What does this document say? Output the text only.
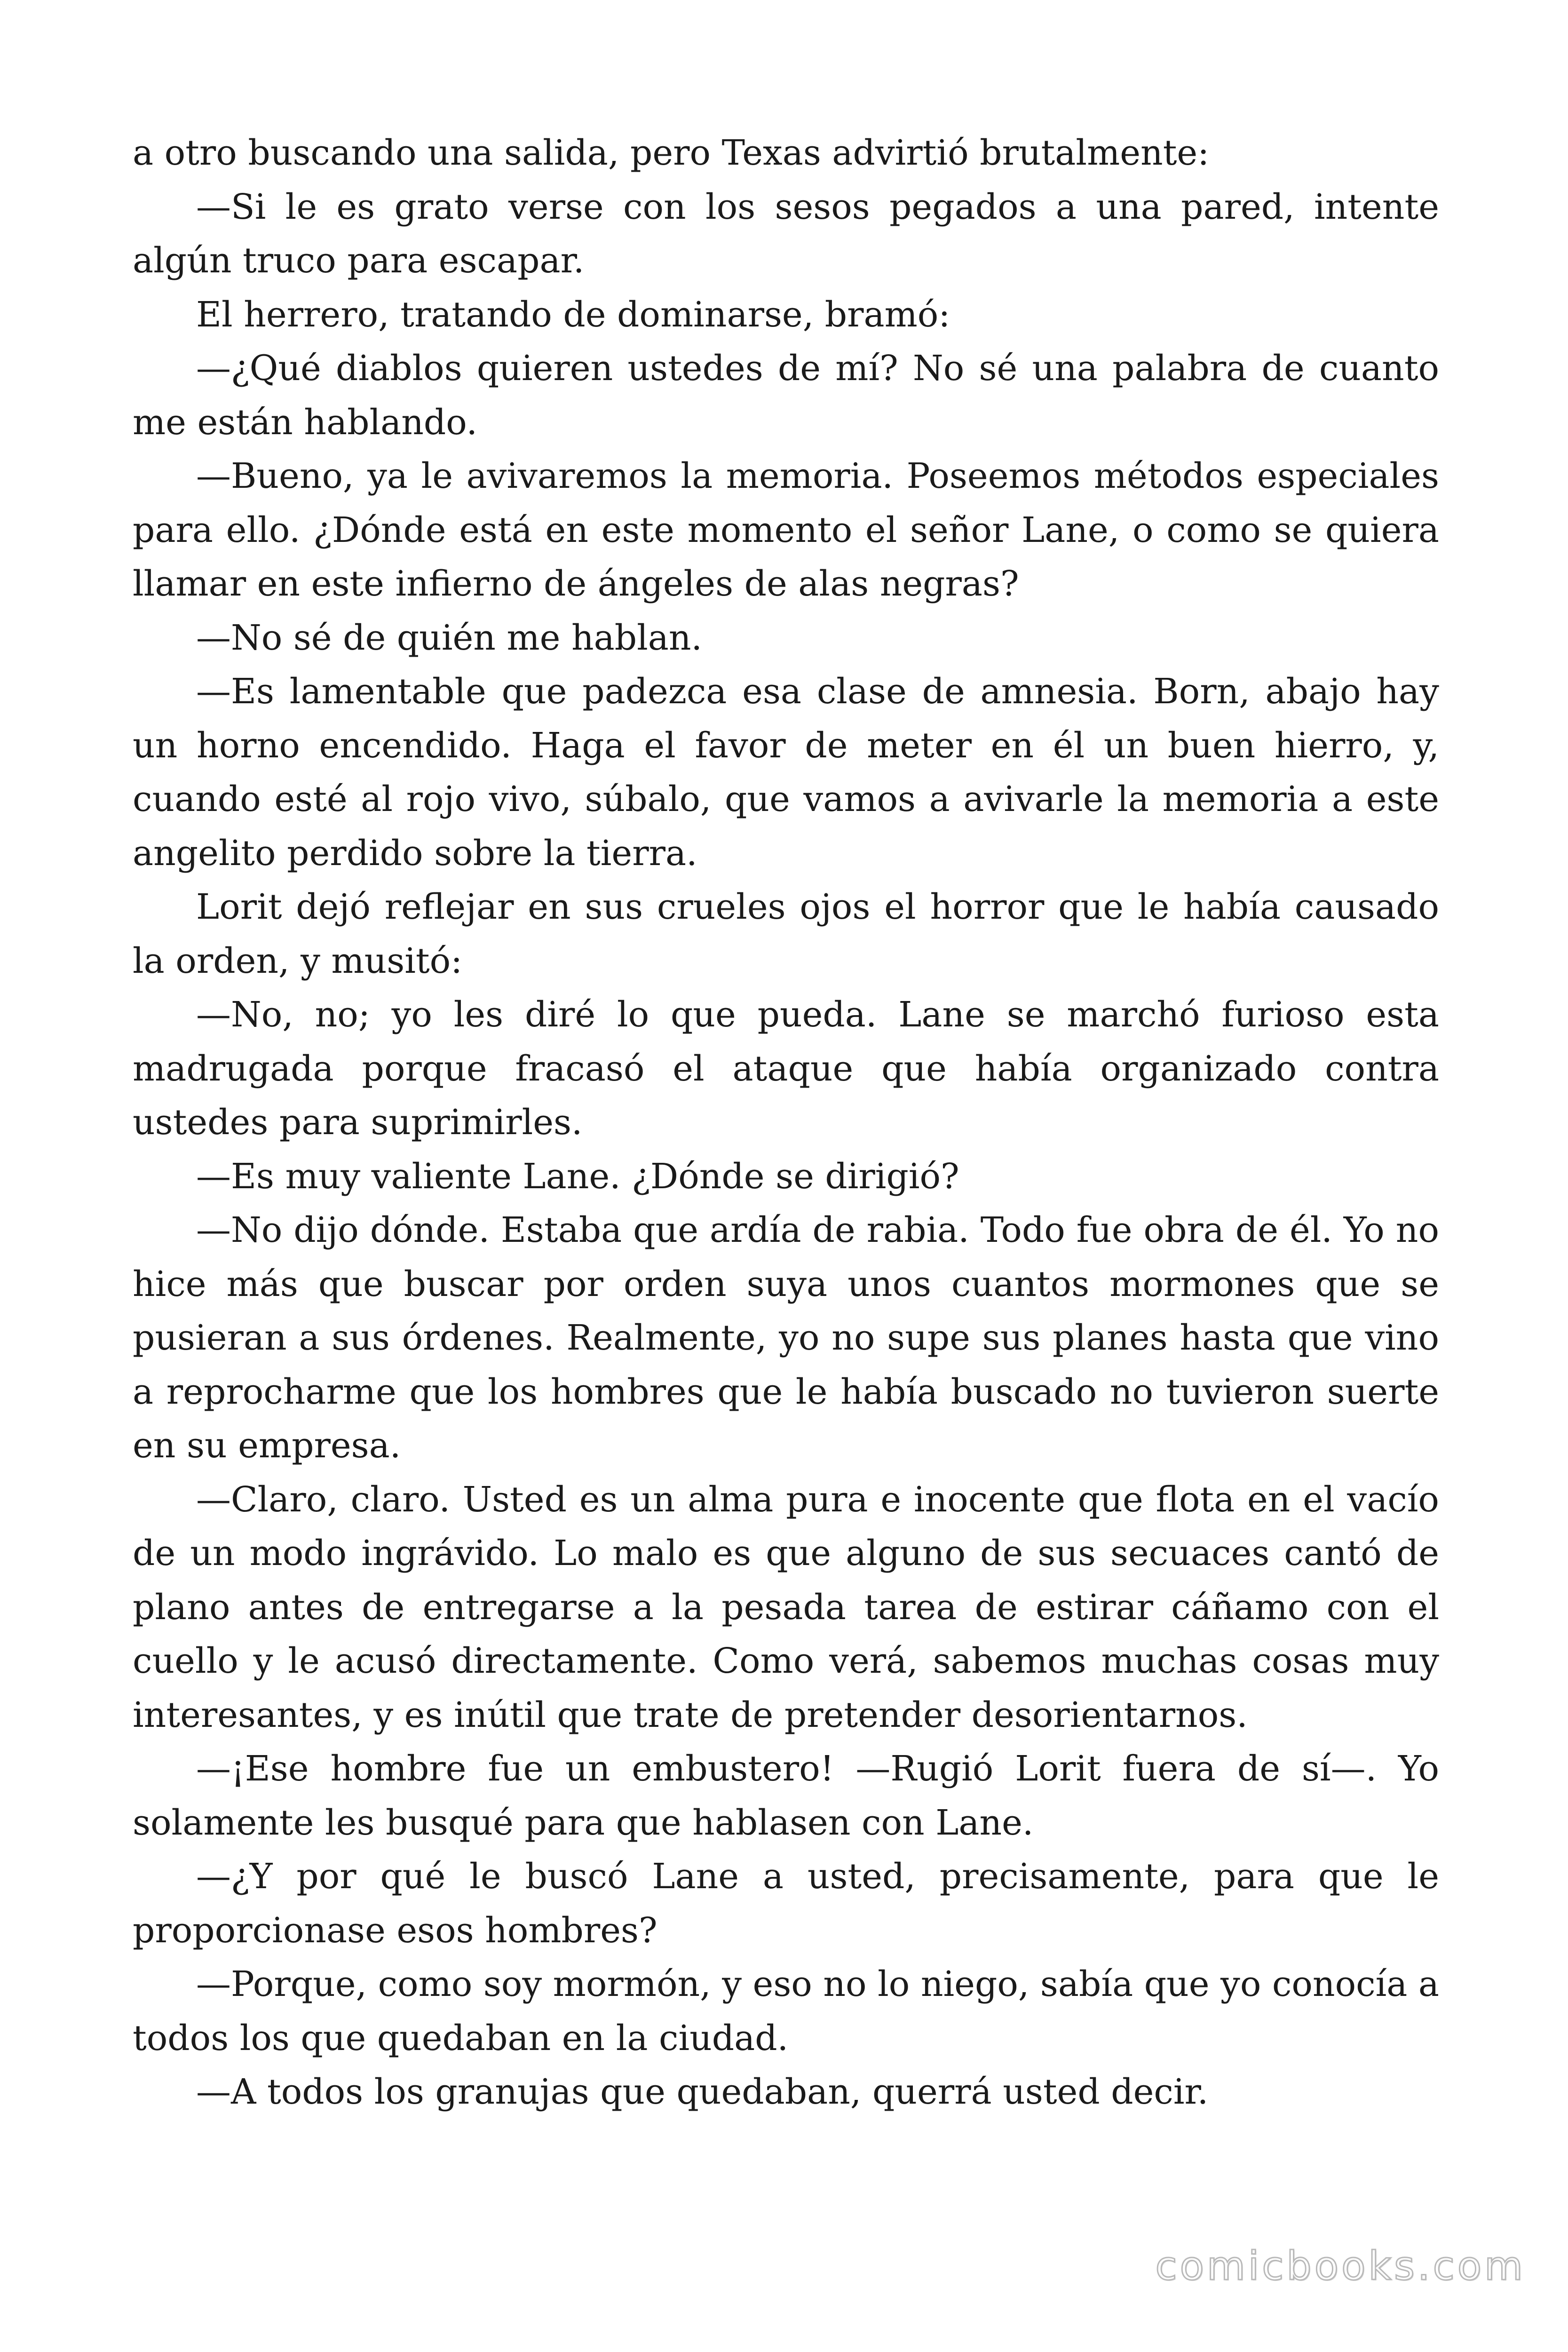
a otro buscando una salida, pero Texas advirtió brutalmente:

—Si le es grato verse con los sesos pegados a una pared, intente algún truco para escapar.

El herrero, tratando de dominarse, bramó:

—¿Qué diablos quieren ustedes de mí? No sé una palabra de cuanto me están hablando.

—Bueno, ya le avivaremos la memoria. Poseemos métodos especiales para ello. ¿Dónde está en este momento el señor Lane, o como se quiera llamar en este infierno de ángeles de alas negras?

—No sé de quién me hablan.

—Es lamentable que padezca esa clase de amnesia. Born, abajo hay un horno encendido. Haga el favor de meter en él un buen hierro, y, cuando esté al rojo vivo, súbalo, que vamos a avivarle la memoria a este angelito perdido sobre la tierra.

Lorit dejó reflejar en sus crueles ojos el horror que le había causado la orden, y musitó:

—No, no; yo les diré lo que pueda. Lane se marchó furioso esta madrugada porque fracasó el ataque que había organizado contra ustedes para suprimirles.

—Es muy valiente Lane. ¿Dónde se dirigió?

—No dijo dónde. Estaba que ardía de rabia. Todo fue obra de él. Yo no hice más que buscar por orden suya unos cuantos mormones que se pusieran a sus órdenes. Realmente, yo no supe sus planes hasta que vino a reprocharme que los hombres que le había buscado no tuvieron suerte en su empresa.

—Claro, claro. Usted es un alma pura e inocente que flota en el vacío de un modo ingrávido. Lo malo es que alguno de sus secuaces cantó de plano antes de entregarse a la pesada tarea de estirar cáñamo con el cuello y le acusó directamente. Como verá, sabemos muchas cosas muy interesantes, y es inútil que trate de pretender desorientarnos.

—¡Ese hombre fue un embustero! —Rugió Lorit fuera de sí—. Yo solamente les busqué para que hablasen con Lane.

—¿Y por qué le buscó Lane a usted, precisamente, para que le proporcionase esos hombres?

—Porque, como soy mormón, y eso no lo niego, sabía que yo conocía a todos los que quedaban en la ciudad.

—A todos los granujas que quedaban, querrá usted decir.

comicbooks.com
